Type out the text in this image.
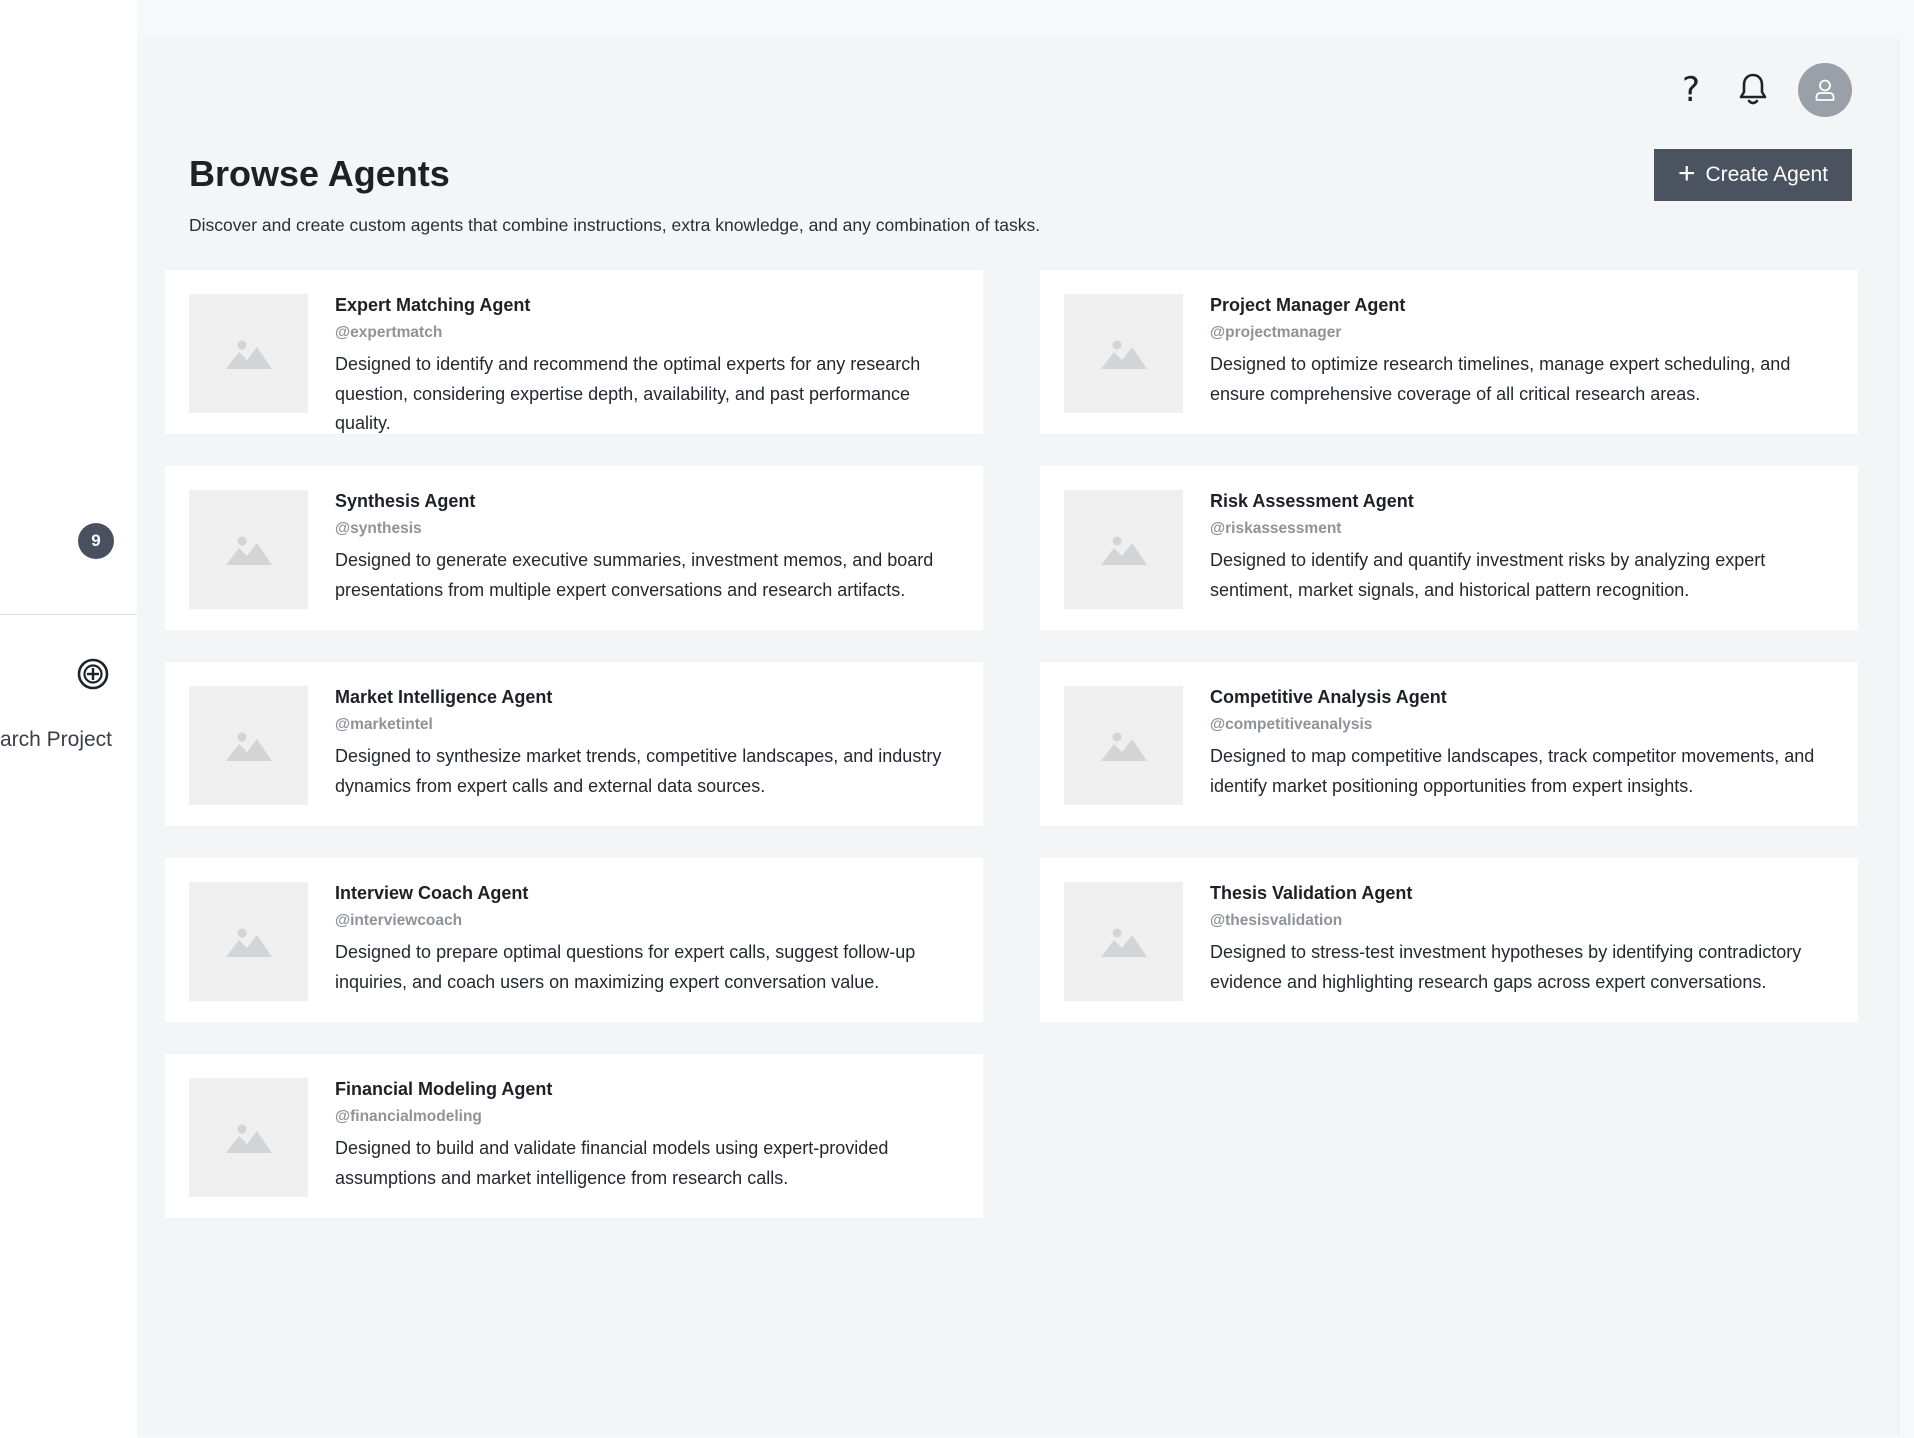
9
arch Project
?
Browse Agents

Discover and create custom agents that combine instructions, extra knowledge, and any combination of tasks.

+ Create Agent
Expert Matching Agent
@expertmatch
Designed to identify and recommend the optimal experts for any research question, considering expertise depth, availability, and past performance quality.
Project Manager Agent
@projectmanager
Designed to optimize research timelines, manage expert scheduling, and ensure comprehensive coverage of all critical research areas.
Synthesis Agent
@synthesis
Designed to generate executive summaries, investment memos, and board presentations from multiple expert conversations and research artifacts.
Risk Assessment Agent
@riskassessment
Designed to identify and quantify investment risks by analyzing expert sentiment, market signals, and historical pattern recognition.
Market Intelligence Agent
@marketintel
Designed to synthesize market trends, competitive landscapes, and industry dynamics from expert calls and external data sources.
Competitive Analysis Agent
@competitiveanalysis
Designed to map competitive landscapes, track competitor movements, and identify market positioning opportunities from expert insights.
Interview Coach Agent
@interviewcoach
Designed to prepare optimal questions for expert calls, suggest follow-up inquiries, and coach users on maximizing expert conversation value.
Thesis Validation Agent
@thesisvalidation
Designed to stress-test investment hypotheses by identifying contradictory evidence and highlighting research gaps across expert conversations.
Financial Modeling Agent
@financialmodeling
Designed to build and validate financial models using expert-provided assumptions and market intelligence from research calls.
